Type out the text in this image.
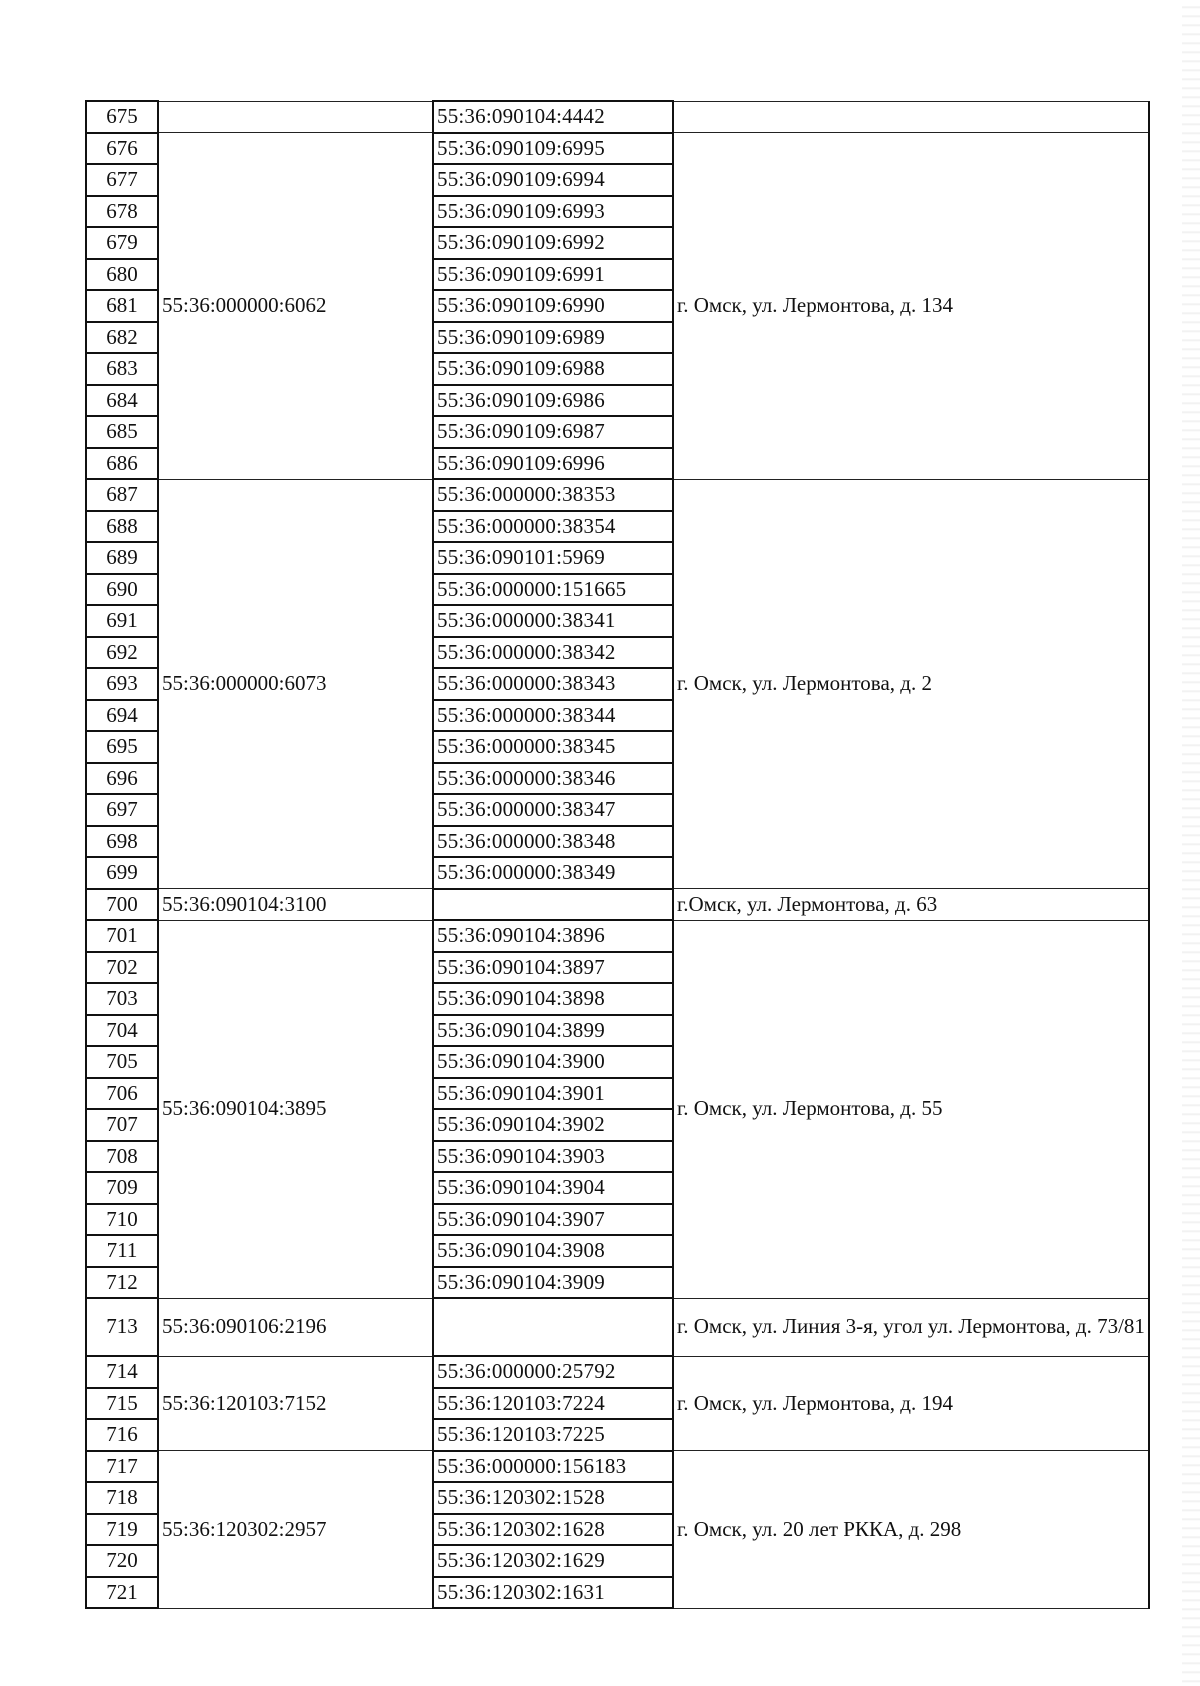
675		55:36:090104:4442	
676	55:36:000000:6062	55:36:090109:6995	г. Омск, ул. Лермонтова, д. 134
677		55:36:090109:6994	
678		55:36:090109:6993	
679		55:36:090109:6992	
680		55:36:090109:6991	
681		55:36:090109:6990	
682		55:36:090109:6989	
683		55:36:090109:6988	
684		55:36:090109:6986	
685		55:36:090109:6987	
686		55:36:090109:6996	
687	55:36:000000:6073	55:36:000000:38353	г. Омск, ул. Лермонтова, д. 2
688		55:36:000000:38354	
689		55:36:090101:5969	
690		55:36:000000:151665	
691		55:36:000000:38341	
692		55:36:000000:38342	
693		55:36:000000:38343	
694		55:36:000000:38344	
695		55:36:000000:38345	
696		55:36:000000:38346	
697		55:36:000000:38347	
698		55:36:000000:38348	
699		55:36:000000:38349	
700	55:36:090104:3100		г.Омск, ул. Лермонтова, д. 63
701	55:36:090104:3895	55:36:090104:3896	г. Омск, ул. Лермонтова, д. 55
702		55:36:090104:3897	
703		55:36:090104:3898	
704		55:36:090104:3899	
705		55:36:090104:3900	
706		55:36:090104:3901	
707		55:36:090104:3902	
708		55:36:090104:3903	
709		55:36:090104:3904	
710		55:36:090104:3907	
711		55:36:090104:3908	
712		55:36:090104:3909	
713	55:36:090106:2196		г. Омск, ул. Линия 3-я, угол ул. Лермонтова, д. 73/81
714	55:36:120103:7152	55:36:000000:25792	г. Омск, ул. Лермонтова, д. 194
715		55:36:120103:7224	
716		55:36:120103:7225	
717	55:36:120302:2957	55:36:000000:156183	г. Омск, ул. 20 лет РККА, д. 298
718		55:36:120302:1528	
719		55:36:120302:1628	
720		55:36:120302:1629	
721		55:36:120302:1631	
